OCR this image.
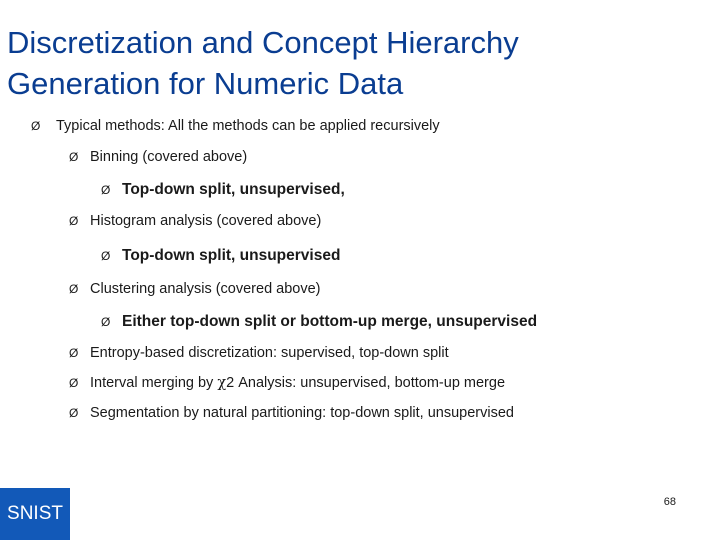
Discretization and Concept Hierarchy
Generation for Numeric Data
Ø	Typical methods: All the methods can be applied recursively
Ø Binning (covered above)
Ø Top-down split, unsupervised,
Ø Histogram analysis (covered above)
Ø Top-down split, unsupervised
Ø Clustering analysis (covered above)
Ø Either top-down split or bottom-up merge, unsupervised
Ø Entropy-based discretization: supervised, top-down split
Ø Interval merging by χ2 Analysis: unsupervised, bottom-up merge
Ø Segmentation by natural partitioning: top-down split, unsupervised
SNIST
68
